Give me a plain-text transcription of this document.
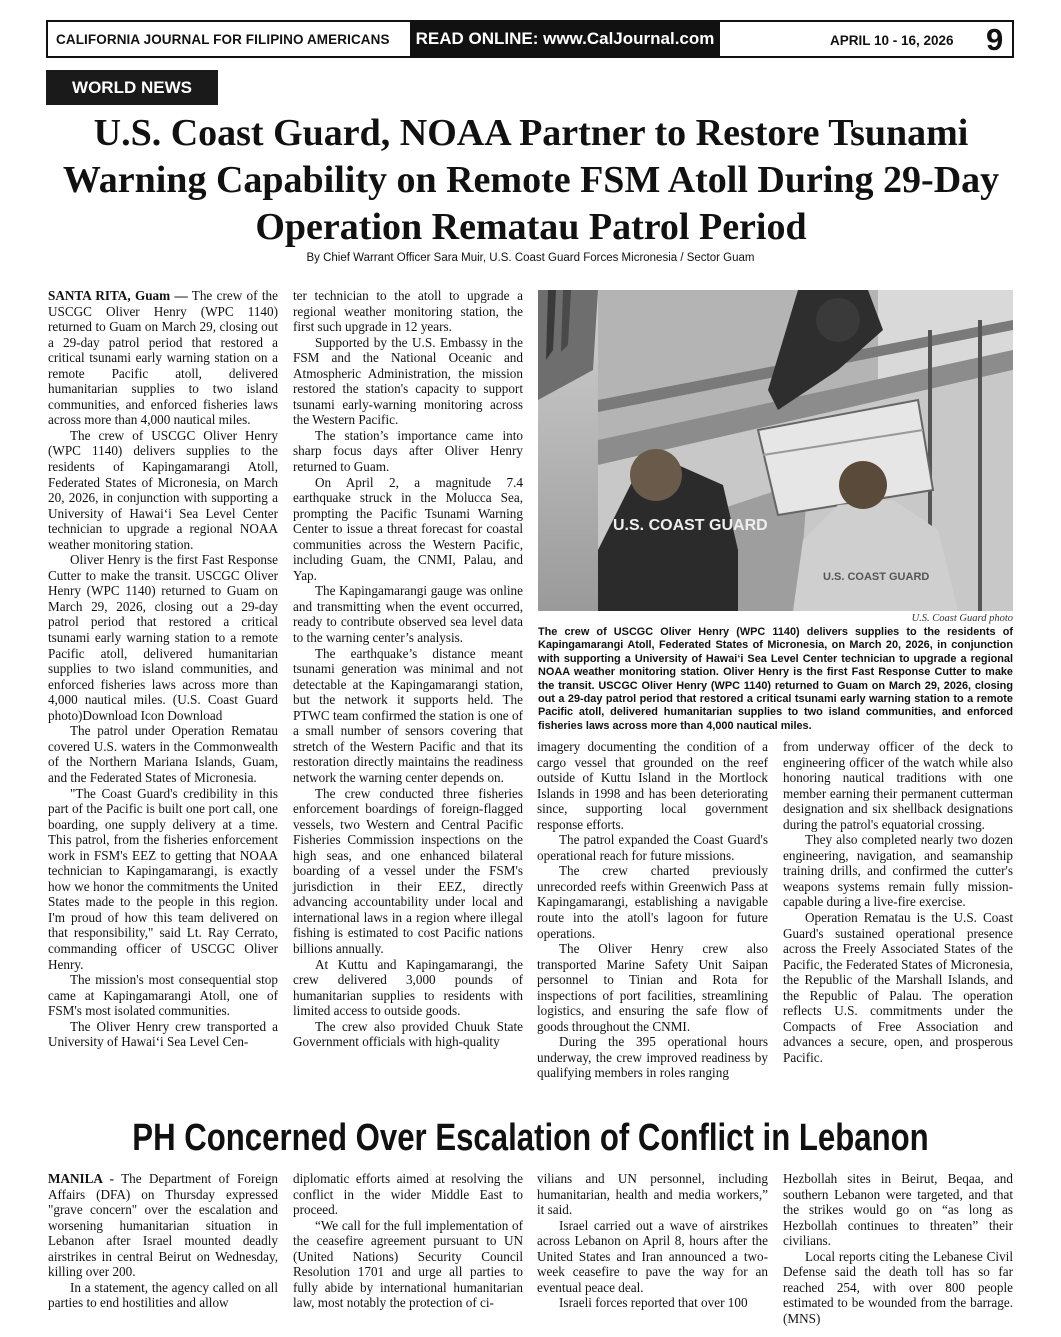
CALIFORNIA JOURNAL FOR FILIPINO AMERICANS	READ ONLINE: www.CalJournal.com	APRIL 10 - 16, 2026 9
WORLD NEWS
U.S. Coast Guard, NOAA Partner to Restore Tsunami Warning Capability on Remote FSM Atoll During 29-Day Operation Rematau Patrol Period
By Chief Warrant Officer Sara Muir, U.S. Coast Guard Forces Micronesia / Sector Guam

SANTA RITA, Guam — The crew of the USCGC Oliver Henry (WPC 1140) returned to Guam on March 29, closing out a 29-day patrol period that restored a critical tsunami early warning station on a remote Pacific atoll, delivered humanitarian supplies to two island communities, and enforced fisheries laws across more than 4,000 nautical miles.

The crew of USCGC Oliver Henry (WPC 1140) delivers supplies to the residents of Kapingamarangi Atoll, Federated States of Micronesia, on March 20, 2026, in conjunction with supporting a University of Hawai‘i Sea Level Center technician to upgrade a regional NOAA weather monitoring station.

Oliver Henry is the first Fast Response Cutter to make the transit. USCGC Oliver Henry (WPC 1140) returned to Guam on March 29, 2026, closing out a 29-day patrol period that restored a critical tsunami early warning station to a remote Pacific atoll, delivered humanitarian supplies to two island communities, and enforced fisheries laws across more than 4,000 nautical miles. (U.S. Coast Guard photo)Download Icon Download

The patrol under Operation Rematau covered U.S. waters in the Commonwealth of the Northern Mariana Islands, Guam, and the Federated States of Micronesia.

"The Coast Guard's credibility in this part of the Pacific is built one port call, one boarding, one supply delivery at a time. This patrol, from the fisheries enforcement work in FSM's EEZ to getting that NOAA technician to Kapingamarangi, is exactly how we honor the commitments the United States made to the people in this region. I'm proud of how this team delivered on that responsibility," said Lt. Ray Cerrato, commanding officer of USCGC Oliver Henry.

The mission's most consequential stop came at Kapingamarangi Atoll, one of FSM's most isolated communities.

The Oliver Henry crew transported a University of Hawai‘i Sea Level Cen-

ter technician to the atoll to upgrade a regional weather monitoring station, the first such upgrade in 12 years.

Supported by the U.S. Embassy in the FSM and the National Oceanic and Atmospheric Administration, the mission restored the station's capacity to support tsunami early-warning monitoring across the Western Pacific.

The station’s importance came into sharp focus days after Oliver Henry returned to Guam.

On April 2, a magnitude 7.4 earthquake struck in the Molucca Sea, prompting the Pacific Tsunami Warning Center to issue a threat forecast for coastal communities across the Western Pacific, including Guam, the CNMI, Palau, and Yap.

The Kapingamarangi gauge was online and transmitting when the event occurred, ready to contribute observed sea level data to the warning center’s analysis.

The earthquake’s distance meant tsunami generation was minimal and not detectable at the Kapingamarangi station, but the network it supports held. The PTWC team confirmed the station is one of a small number of sensors covering that stretch of the Western Pacific and that its restoration directly maintains the readiness network the warning center depends on.

The crew conducted three fisheries enforcement boardings of foreign-flagged vessels, two Western and Central Pacific Fisheries Commission inspections on the high seas, and one enhanced bilateral boarding of a vessel under the FSM's jurisdiction in their EEZ, directly advancing accountability under local and international laws in a region where illegal fishing is estimated to cost Pacific nations billions annually.

At Kuttu and Kapingamarangi, the crew delivered 3,000 pounds of humanitarian supplies to residents with limited access to outside goods.

The crew also provided Chuuk State Government officials with high-quality

U.S. COAST GUARD
U.S. COAST GUARD
U.S. Coast Guard photo
The crew of USCGC Oliver Henry (WPC 1140) delivers supplies to the residents of Kapingamarangi Atoll, Federated States of Micronesia, on March 20, 2026, in conjunction with supporting a University of Hawai‘i Sea Level Center technician to upgrade a regional NOAA weather monitoring station. Oliver Henry is the first Fast Response Cutter to make the transit. USCGC Oliver Henry (WPC 1140) returned to Guam on March 29, 2026, closing out a 29-day patrol period that restored a critical tsunami early warning station to a remote Pacific atoll, delivered humanitarian supplies to two island communities, and enforced fisheries laws across more than 4,000 nautical miles.

imagery documenting the condition of a cargo vessel that grounded on the reef outside of Kuttu Island in the Mortlock Islands in 1998 and has been deteriorating since, supporting local government response efforts.

The patrol expanded the Coast Guard's operational reach for future missions.

The crew charted previously unrecorded reefs within Greenwich Pass at Kapingamarangi, establishing a navigable route into the atoll's lagoon for future operations.

The Oliver Henry crew also transported Marine Safety Unit Saipan personnel to Tinian and Rota for inspections of port facilities, streamlining logistics, and ensuring the safe flow of goods throughout the CNMI.

During the 395 operational hours underway, the crew improved readiness by qualifying members in roles ranging

from underway officer of the deck to engineering officer of the watch while also honoring nautical traditions with one member earning their permanent cutterman designation and six shellback designations during the patrol's equatorial crossing.

They also completed nearly two dozen engineering, navigation, and seamanship training drills, and confirmed the cutter's weapons systems remain fully mission-capable during a live-fire exercise.

Operation Rematau is the U.S. Coast Guard's sustained operational presence across the Freely Associated States of the Pacific, the Federated States of Micronesia, the Republic of the Marshall Islands, and the Republic of Palau. The operation reflects U.S. commitments under the Compacts of Free Association and advances a secure, open, and prosperous Pacific.

PH Concerned Over Escalation of Conflict in Lebanon

MANILA - The Department of Foreign Affairs (DFA) on Thursday expressed "grave concern" over the escalation and worsening humanitarian situation in Lebanon after Israel mounted deadly airstrikes in central Beirut on Wednesday, killing over 200.

In a statement, the agency called on all parties to end hostilities and allow

diplomatic efforts aimed at resolving the conflict in the wider Middle East to proceed.

“We call for the full implementation of the ceasefire agreement pursuant to UN (United Nations) Security Council Resolution 1701 and urge all parties to fully abide by international humanitarian law, most notably the protection of ci-

vilians and UN personnel, including humanitarian, health and media workers,” it said.

Israel carried out a wave of airstrikes across Lebanon on April 8, hours after the United States and Iran announced a two-week ceasefire to pave the way for an eventual peace deal.

Israeli forces reported that over 100

Hezbollah sites in Beirut, Beqaa, and southern Lebanon were targeted, and that the strikes would go on “as long as Hezbollah continues to threaten” their civilians.

Local reports citing the Lebanese Civil Defense said the death toll has so far reached 254, with over 800 people estimated to be wounded from the barrage. (MNS)
